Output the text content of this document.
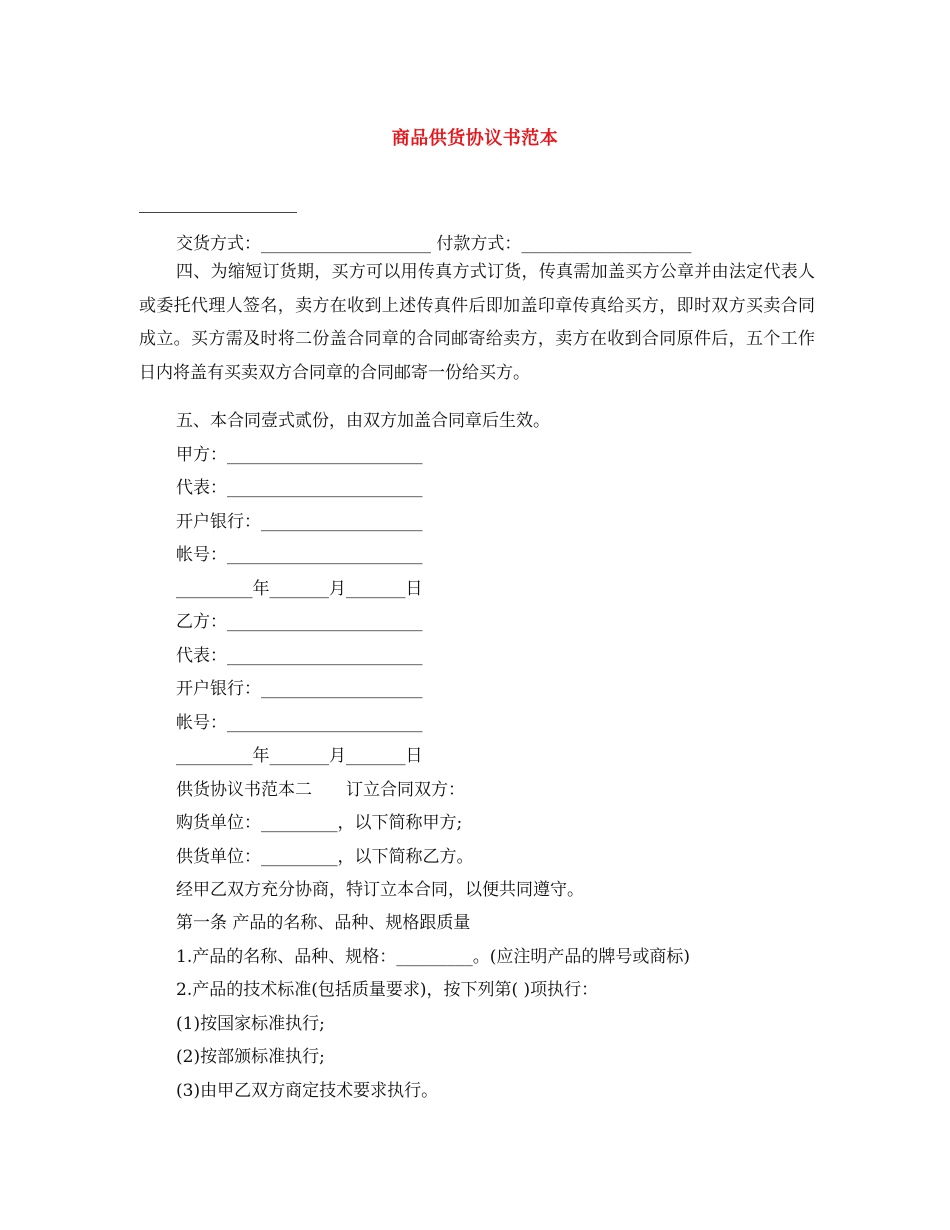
商品供货协议书范本
交货方式：____________________ 付款方式：____________________
四、为缩短订货期，买方可以用传真方式订货，传真需加盖买方公章并由法定代表人或委托代理人签名，卖方在收到上述传真件后即加盖印章传真给买方，即时双方买卖合同成立。买方需及时将二份盖合同章的合同邮寄给卖方，卖方在收到合同原件后，五个工作日内将盖有买卖双方合同章的合同邮寄一份给买方。
五、本合同壹式贰份，由双方加盖合同章后生效。
甲方：_______________________
代表：_______________________
开户银行：___________________
帐号：_______________________
_________年_______月_______日
乙方：_______________________
代表：_______________________
开户银行：___________________
帐号：_______________________
_________年_______月_______日
供货协议书范本二　　订立合同双方：
购货单位：_________，以下简称甲方;
供货单位：_________，以下简称乙方。
经甲乙双方充分协商，特订立本合同，以便共同遵守。
第一条 产品的名称、品种、规格跟质量
1.产品的名称、品种、规格：_________。(应注明产品的牌号或商标)
2.产品的技术标准(包括质量要求)，按下列第( )项执行：
(1)按国家标准执行;
(2)按部颁标准执行;
(3)由甲乙双方商定技术要求执行。
